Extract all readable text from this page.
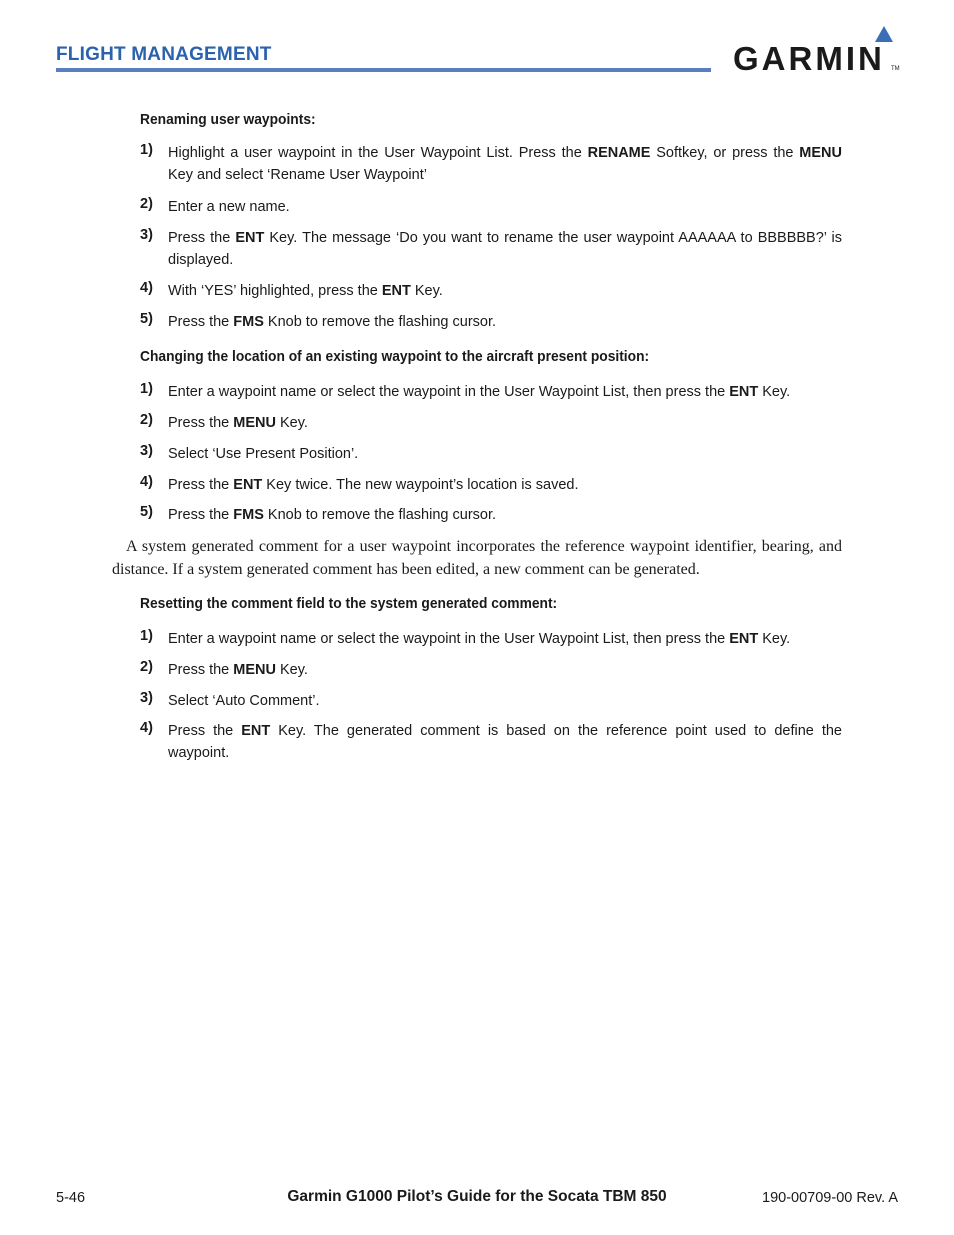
FLIGHT MANAGEMENT	GARMIN TM
Renaming user waypoints:
1) Highlight a user waypoint in the User Waypoint List. Press the RENAME Softkey, or press the MENU Key and select ‘Rename User Waypoint’
2) Enter a new name.
3) Press the ENT Key. The message ‘Do you want to rename the user waypoint AAAAAA to BBBBBB?’ is displayed.
4) With ‘YES’ highlighted, press the ENT Key.
5) Press the FMS Knob to remove the flashing cursor.
Changing the location of an existing waypoint to the aircraft present position:
1) Enter a waypoint name or select the waypoint in the User Waypoint List, then press the ENT Key.
2) Press the MENU Key.
3) Select ‘Use Present Position’.
4) Press the ENT Key twice. The new waypoint’s location is saved.
5) Press the FMS Knob to remove the flashing cursor.
A system generated comment for a user waypoint incorporates the reference waypoint identifier, bearing, and distance. If a system generated comment has been edited, a new comment can be generated.
Resetting the comment field to the system generated comment:
1) Enter a waypoint name or select the waypoint in the User Waypoint List, then press the ENT Key.
2) Press the MENU Key.
3) Select ‘Auto Comment’.
4) Press the ENT Key. The generated comment is based on the reference point used to define the waypoint.
5-46	Garmin G1000 Pilot’s Guide for the Socata TBM 850	190-00709-00 Rev. A
